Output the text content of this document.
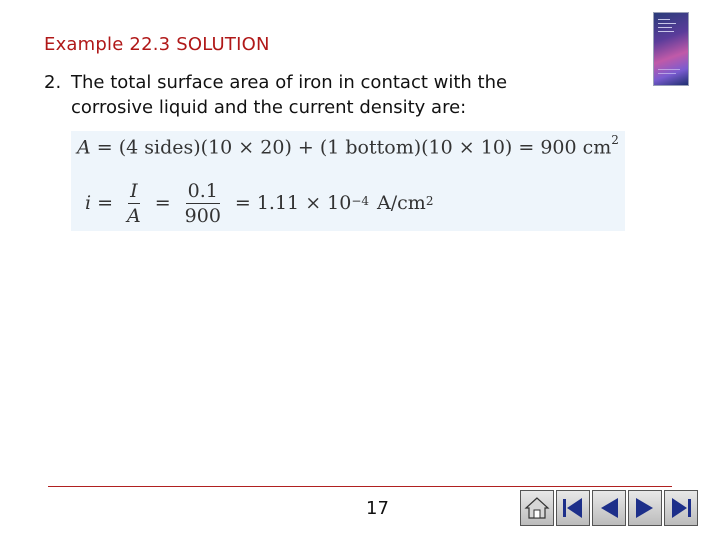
Example 22.3 SOLUTION
2. The total surface area of iron in contact with the
corrosive liquid and the current density are:
A = (4 sides)(10 × 20) + (1 bottom)(10 × 10) = 900 $cm^2$
$i = \frac{I}{A} = \frac{0.1}{900} = 1.11 \times 10^{-4}$ $A/cm^2$
17
